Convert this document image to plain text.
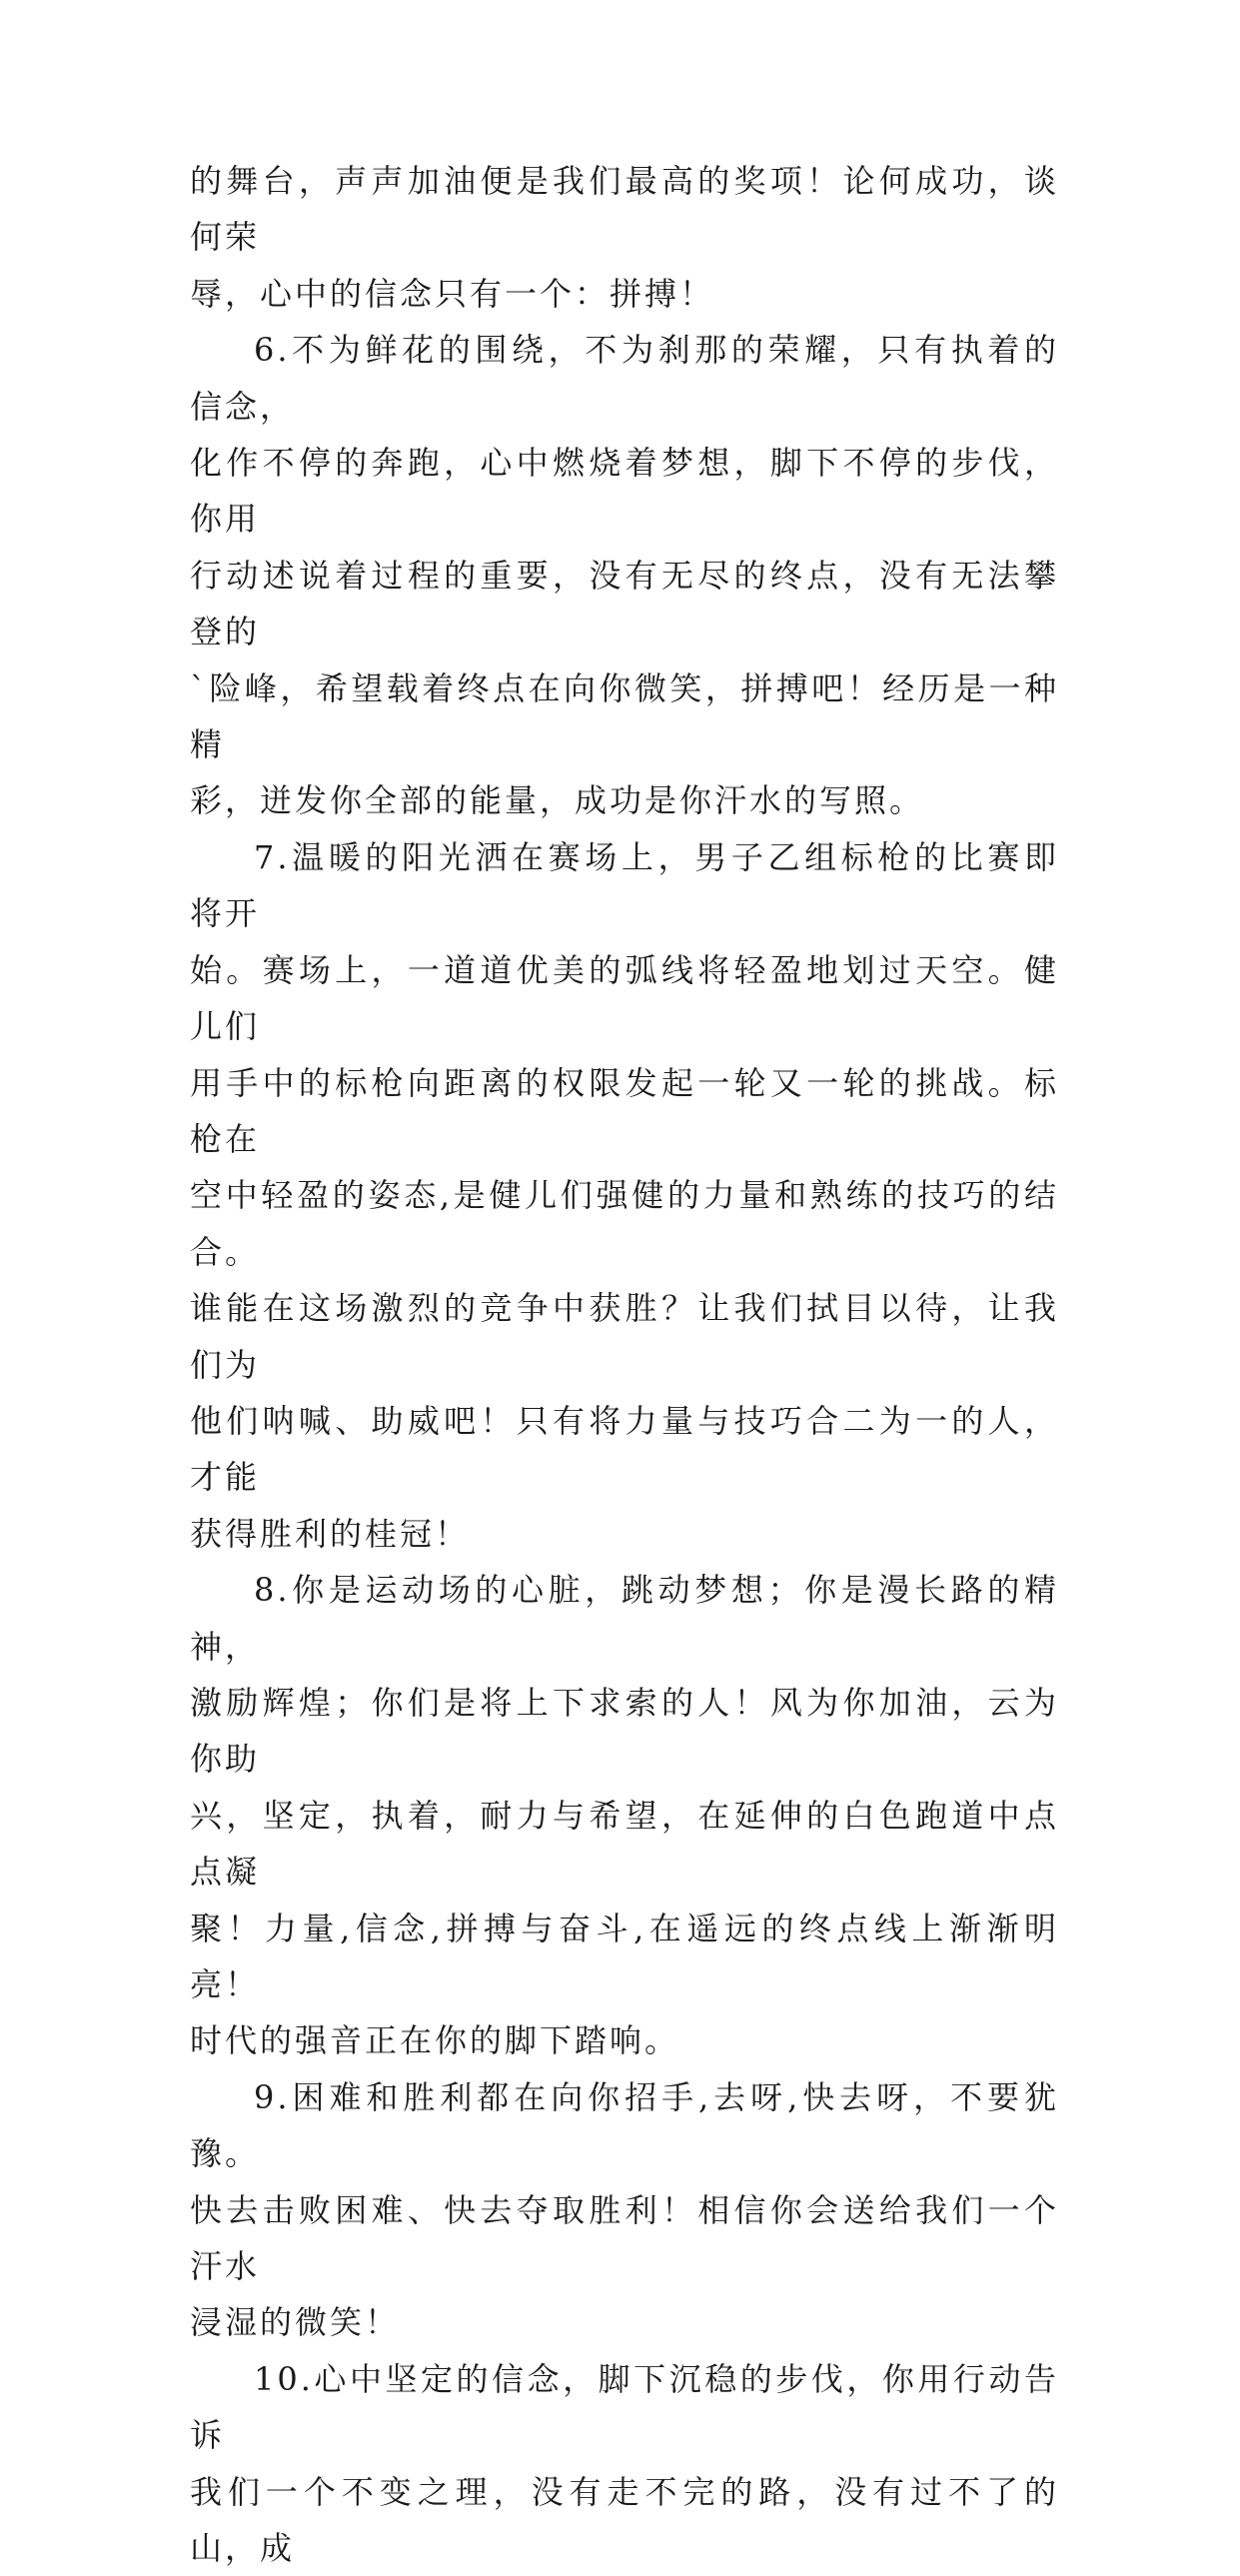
的舞台，声声加油便是我们最高的奖项！论何成功，谈何荣
辱，心中的信念只有一个：拼搏！

6.不为鲜花的围绕，不为刹那的荣耀，只有执着的信念，
化作不停的奔跑，心中燃烧着梦想，脚下不停的步伐，你用
行动述说着过程的重要，没有无尽的终点，没有无法攀登的
`险峰，希望载着终点在向你微笑，拼搏吧！经历是一种精
彩，迸发你全部的能量，成功是你汗水的写照。

7.温暖的阳光洒在赛场上，男子乙组标枪的比赛即将开
始。赛场上，一道道优美的弧线将轻盈地划过天空。健儿们
用手中的标枪向距离的权限发起一轮又一轮的挑战。标枪在
空中轻盈的姿态,是健儿们强健的力量和熟练的技巧的结合。
谁能在这场激烈的竞争中获胜？让我们拭目以待，让我们为
他们呐喊、助威吧！只有将力量与技巧合二为一的人，才能
获得胜利的桂冠！

8.你是运动场的心脏，跳动梦想；你是漫长路的精神，
激励辉煌；你们是将上下求索的人！风为你加油，云为你助
兴，坚定，执着，耐力与希望，在延伸的白色跑道中点点凝
聚！力量,信念,拼搏与奋斗,在遥远的终点线上渐渐明亮！
时代的强音正在你的脚下踏响。

9.困难和胜利都在向你招手,去呀,快去呀，不要犹豫。
快去击败困难、快去夺取胜利！相信你会送给我们一个汗水
浸湿的微笑！

10.心中坚定的信念，脚下沉稳的步伐，你用行动告诉
我们一个不变之理，没有走不完的路，没有过不了的山，成
